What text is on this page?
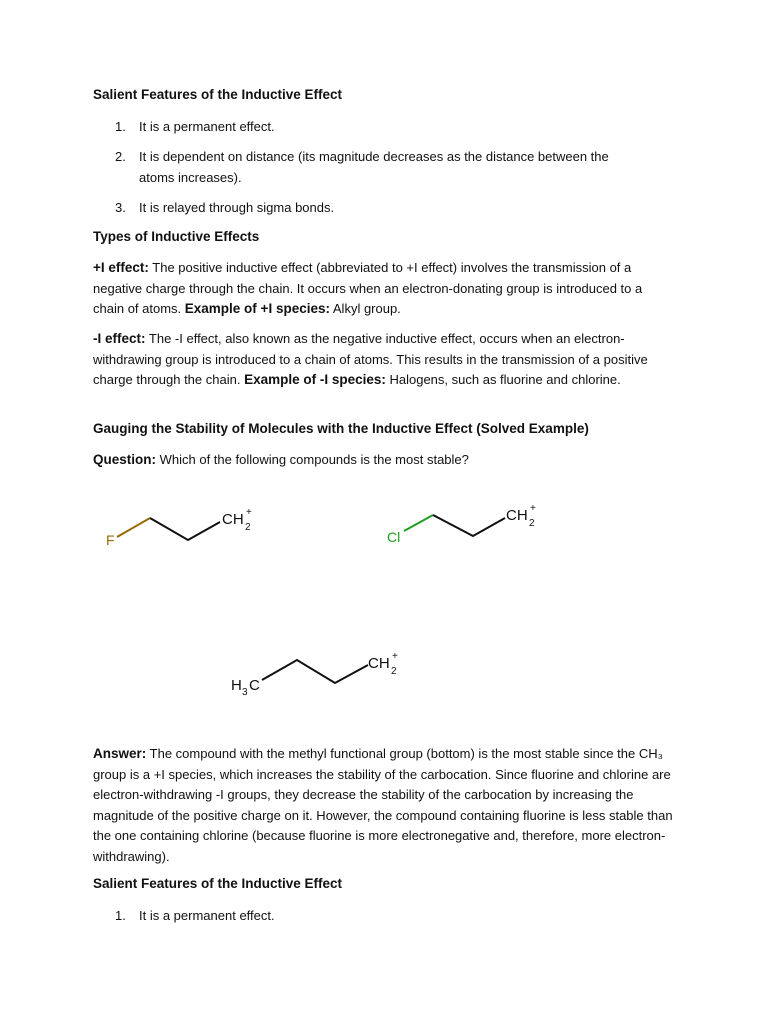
Salient Features of the Inductive Effect
1. It is a permanent effect.
2. It is dependent on distance (its magnitude decreases as the distance between the atoms increases).
3. It is relayed through sigma bonds.
Types of Inductive Effects
+I effect: The positive inductive effect (abbreviated to +I effect) involves the transmission of a negative charge through the chain. It occurs when an electron-donating group is introduced to a chain of atoms. Example of +I species: Alkyl group.
-I effect: The -I effect, also known as the negative inductive effect, occurs when an electron-withdrawing group is introduced to a chain of atoms. This results in the transmission of a positive charge through the chain. Example of -I species: Halogens, such as fluorine and chlorine.
Gauging the Stability of Molecules with the Inductive Effect (Solved Example)
Question: Which of the following compounds is the most stable?
Answer: The compound with the methyl functional group (bottom) is the most stable since the CH₃ group is a +I species, which increases the stability of the carbocation. Since fluorine and chlorine are electron-withdrawing -I groups, they decrease the stability of the carbocation by increasing the magnitude of the positive charge on it. However, the compound containing fluorine is less stable than the one containing chlorine (because fluorine is more electronegative and, therefore, more electron-withdrawing).
Salient Features of the Inductive Effect
1. It is a permanent effect.
F
CH 2
+
Cl
CH 2
+
H 3 C
CH 2
+
